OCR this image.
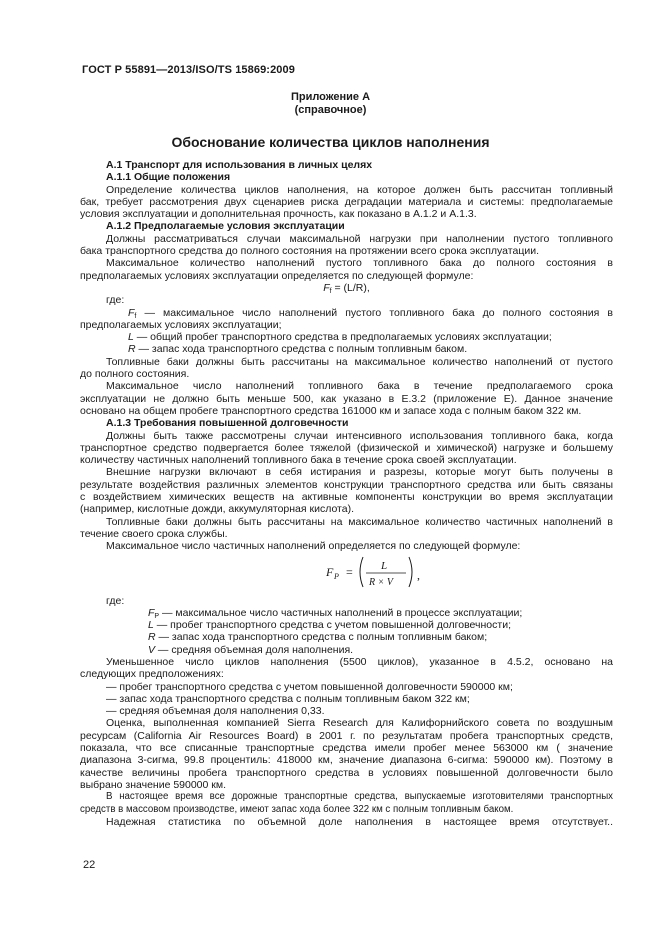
ГОСТ Р 55891—2013/ISO/TS 15869:2009
Приложение А
(справочное)
Обоснование количества циклов наполнения

А.1 Транспорт для использования в личных целях

А.1.1 Общие положения

Определение количества циклов наполнения, на которое должен быть рассчитан топливный

бак, требует рассмотрения двух сценариев риска деградации материала и системы: предполагаемые

условия эксплуатации и дополнительная прочность, как показано в А.1.2 и А.1.3.

А.1.2 Предполагаемые условия эксплуатации

Должны рассматриваться случаи максимальной нагрузки при наполнении пустого топливного

бака транспортного средства до полного состояния на протяжении всего срока эксплуатации.

Максимальное количество наполнений пустого топливного бака до полного состояния в

предполагаемых условиях эксплуатации определяется по следующей формуле:

$F_f = (L/R)$,

где:

$F_f$ — максимальное число наполнений пустого топливного бака до полного состояния в

предполагаемых условиях эксплуатации;

L — общий пробег транспортного средства в предполагаемых условиях эксплуатации;

R — запас хода транспортного средства с полным топливным баком.

Топливные баки должны быть рассчитаны на максимальное количество наполнений от пустого

до полного состояния.

Максимальное число наполнений топливного бака в течение предполагаемого срока

эксплуатации не должно быть меньше 500, как указано в Е.3.2 (приложение Е). Данное значение

основано на общем пробеге транспортного средства 161000 км и запасе хода с полным баком 322 км.

А.1.3 Требования повышенной долговечности

Должны быть также рассмотрены случаи интенсивного использования топливного бака, когда

транспортное средство подвергается более тяжелой (физической и химической) нагрузке и большему

количеству частичных наполнений топливного бака в течение срока своей эксплуатации.

Внешние нагрузки включают в себя истирания и разрезы, которые могут быть получены в

результате воздействия различных элементов конструкции транспортного средства или быть связаны

с воздействием химических веществ на активные компоненты конструкции во время эксплуатации

(например, кислотные дожди, аккумуляторная кислота).

Топливные баки должны быть рассчитаны на максимальное количество частичных наполнений в

течение своего срока службы.

Максимальное число частичных наполнений определяется по следующей формуле:

F P =	L
R × V
,

где:

$F_P$ — максимальное число частичных наполнений в процессе эксплуатации;

L — пробег транспортного средства с учетом повышенной долговечности;

R — запас хода транспортного средства с полным топливным баком;

V — средняя объемная доля наполнения.

Уменьшенное число циклов наполнения (5500 циклов), указанное в 4.5.2, основано на

следующих предположениях:

— пробег транспортного средства с учетом повышенной долговечности 590000 км;

— запас хода транспортного средства с полным топливным баком 322 км;

— средняя объемная доля наполнения 0,33.

Оценка, выполненная компанией Sierra Research для Калифорнийского совета по воздушным

ресурсам (California Air Resources Board) в 2001 г. по результатам пробега транспортных средств,

показала, что все списанные транспортные средства имели пробег менее 563000 км ( значение

диапазона 3-сигма, 99.8 процентиль: 418000 км, значение диапазона 6-сигма: 590000 км). Поэтому в

качестве величины пробега транспортного средства в условиях повышенной долговечности было

выбрано значение 590000 км.

В настоящее время все дорожные транспортные средства, выпускаемые изготовителями транспортных

средств в массовом производстве, имеют запас хода более 322 км с полным топливным баком.

Надежная статистика по объемной доле наполнения в настоящее время отсутствует..

22
